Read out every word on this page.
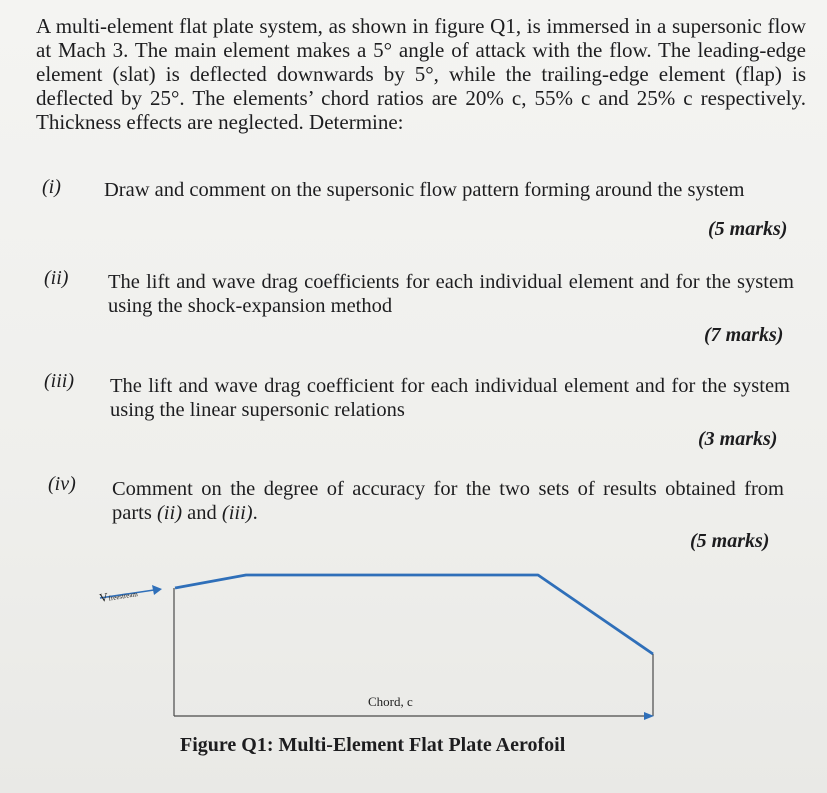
A multi-element flat plate system, as shown in figure Q1, is immersed in a supersonic flow at Mach 3. The main element makes a 5° angle of attack with the flow. The leading-edge element (slat) is deflected downwards by 5°, while the trailing-edge element (flap) is deflected by 25°. The elements’ chord ratios are 20% c, 55% c and 25% c respectively. Thickness effects are neglected. Determine:

(i) Draw and comment on the supersonic flow pattern forming around the system
(5 marks)
(ii) The lift and wave drag coefficients for each individual element and for the system using the shock-expansion method
(7 marks)
(iii) The lift and wave drag coefficient for each individual element and for the system using the linear supersonic relations
(3 marks)
(iv) Comment on the degree of accuracy for the two sets of results obtained from parts (ii) and (iii).
(5 marks)
V
freestream
Chord, c
Figure Q1: Multi-Element Flat Plate Aerofoil
